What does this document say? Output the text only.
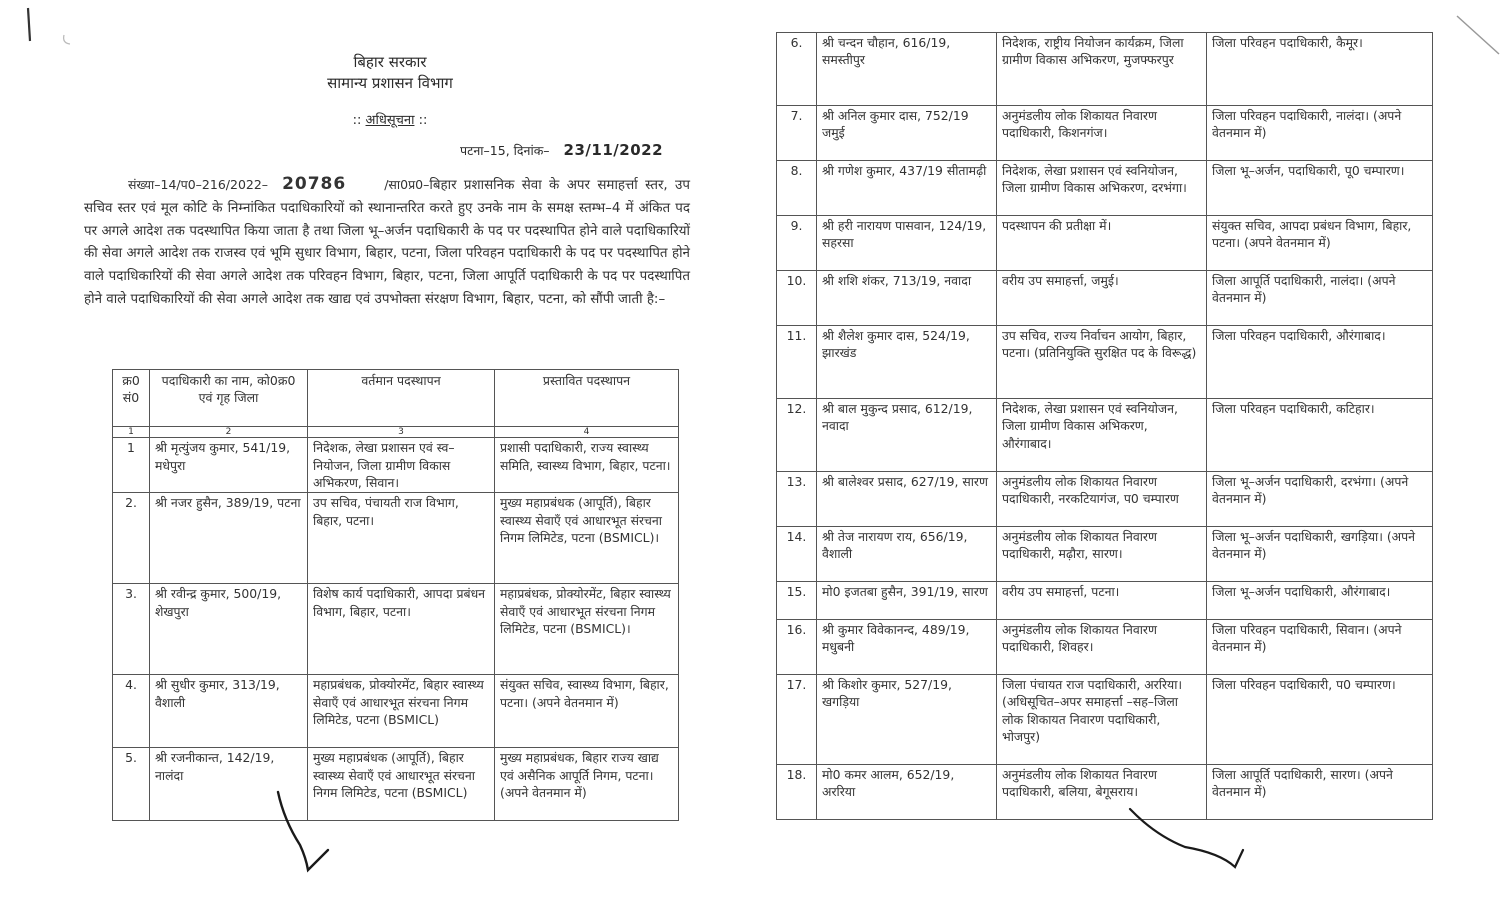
बिहार सरकार
सामान्य प्रशासन विभाग
:: अधिसूचना ::
पटना–15, दिनांक– 23/11/2022
संख्या–14/प0–216/2022– 20786	/सा0प्र0–बिहार प्रशासनिक सेवा के अपर समाहर्त्ता स्तर, उप सचिव स्तर एवं मूल कोटि के निम्नांकित पदाधिकारियों को स्थानान्तरित करते हुए उनके नाम के समक्ष स्तम्भ–4 में अंकित पद पर अगले आदेश तक पदस्थापित किया जाता है तथा जिला भू–अर्जन पदाधिकारी के पद पर पदस्थापित होने वाले पदाधिकारियों की सेवा अगले आदेश तक राजस्व एवं भूमि सुधार विभाग, बिहार, पटना, जिला परिवहन पदाधिकारी के पद पर पदस्थापित होने वाले पदाधिकारियों की सेवा अगले आदेश तक परिवहन विभाग, बिहार, पटना, जिला आपूर्ति पदाधिकारी के पद पर पदस्थापित होने वाले पदाधिकारियों की सेवा अगले आदेश तक खाद्य एवं उपभोक्ता संरक्षण विभाग, बिहार, पटना, को सौंपी जाती है:–
क्र0 सं0	पदाधिकारी का नाम, को0क्र0 एवं गृह जिला	वर्तमान पदस्थापन	प्रस्तावित पदस्थापन
1	2	3	4
1	श्री मृत्युंजय कुमार, 541/19, मधेपुरा	निदेशक, लेखा प्रशासन एवं स्व–नियोजन, जिला ग्रामीण विकास अभिकरण, सिवान।	प्रशासी पदाधिकारी, राज्य स्वास्थ्य समिति, स्वास्थ्य विभाग, बिहार, पटना।
2.	श्री नजर हुसैन, 389/19, पटना	उप सचिव, पंचायती राज विभाग, बिहार, पटना।	मुख्य महाप्रबंधक (आपूर्ति), बिहार स्वास्थ्य सेवाएँ एवं आधारभूत संरचना निगम लिमिटेड, पटना (BSMICL)।
3.	श्री रवीन्द्र कुमार, 500/19, शेखपुरा	विशेष कार्य पदाधिकारी, आपदा प्रबंधन विभाग, बिहार, पटना।	महाप्रबंधक, प्रोक्योरमेंट, बिहार स्वास्थ्य सेवाएँ एवं आधारभूत संरचना निगम लिमिटेड, पटना (BSMICL)।
4.	श्री सुधीर कुमार, 313/19, वैशाली	महाप्रबंधक, प्रोक्योरमेंट, बिहार स्वास्थ्य सेवाएँ एवं आधारभूत संरचना निगम लिमिटेड, पटना (BSMICL)	संयुक्त सचिव, स्वास्थ्य विभाग, बिहार, पटना। (अपने वेतनमान में)
5.	श्री रजनीकान्त, 142/19, नालंदा	मुख्य महाप्रबंधक (आपूर्ति), बिहार स्वास्थ्य सेवाएँ एवं आधारभूत संरचना निगम लिमिटेड, पटना (BSMICL)	मुख्य महाप्रबंधक, बिहार राज्य खाद्य एवं असैनिक आपूर्ति निगम, पटना। (अपने वेतनमान में)
6.	श्री चन्दन चौहान, 616/19, समस्तीपुर	निदेशक, राष्ट्रीय नियोजन कार्यक्रम, जिला ग्रामीण विकास अभिकरण, मुजफ्फरपुर	जिला परिवहन पदाधिकारी, कैमूर।
7.	श्री अनिल कुमार दास, 752/19 जमुई	अनुमंडलीय लोक शिकायत निवारण पदाधिकारी, किशनगंज।	जिला परिवहन पदाधिकारी, नालंदा। (अपने वेतनमान में)
8.	श्री गणेश कुमार, 437/19 सीतामढ़ी	निदेशक, लेखा प्रशासन एवं स्वनियोजन, जिला ग्रामीण विकास अभिकरण, दरभंगा।	जिला भू–अर्जन, पदाधिकारी, पू0 चम्पारण।
9.	श्री हरी नारायण पासवान, 124/19, सहरसा	पदस्थापन की प्रतीक्षा में।	संयुक्त सचिव, आपदा प्रबंधन विभाग, बिहार, पटना। (अपने वेतनमान में)
10.	श्री शशि शंकर, 713/19, नवादा	वरीय उप समाहर्त्ता, जमुई।	जिला आपूर्ति पदाधिकारी, नालंदा। (अपने वेतनमान में)
11.	श्री शैलेश कुमार दास, 524/19, झारखंड	उप सचिव, राज्य निर्वाचन आयोग, बिहार, पटना। (प्रतिनियुक्ति सुरक्षित पद के विरूद्ध)	जिला परिवहन पदाधिकारी, औरंगाबाद।
12.	श्री बाल मुकुन्द प्रसाद, 612/19, नवादा	निदेशक, लेखा प्रशासन एवं स्वनियोजन, जिला ग्रामीण विकास अभिकरण, औरंगाबाद।	जिला परिवहन पदाधिकारी, कटिहार।
13.	श्री बालेश्वर प्रसाद, 627/19, सारण	अनुमंडलीय लोक शिकायत निवारण पदाधिकारी, नरकटियागंज, प0 चम्पारण	जिला भू–अर्जन पदाधिकारी, दरभंगा। (अपने वेतनमान में)
14.	श्री तेज नारायण राय, 656/19, वैशाली	अनुमंडलीय लोक शिकायत निवारण पदाधिकारी, मढ़ौरा, सारण।	जिला भू–अर्जन पदाधिकारी, खगड़िया। (अपने वेतनमान में)
15.	मो0 इजतबा हुसैन, 391/19, सारण	वरीय उप समाहर्त्ता, पटना।	जिला भू–अर्जन पदाधिकारी, औरंगाबाद।
16.	श्री कुमार विवेकानन्द, 489/19, मधुबनी	अनुमंडलीय लोक शिकायत निवारण पदाधिकारी, शिवहर।	जिला परिवहन पदाधिकारी, सिवान। (अपने वेतनमान में)
17.	श्री किशोर कुमार, 527/19, खगड़िया	जिला पंचायत राज पदाधिकारी, अररिया। (अधिसूचित–अपर समाहर्त्ता –सह–जिला लोक शिकायत निवारण पदाधिकारी, भोजपुर)	जिला परिवहन पदाधिकारी, प0 चम्पारण।
18.	मो0 कमर आलम, 652/19, अररिया	अनुमंडलीय लोक शिकायत निवारण पदाधिकारी, बलिया, बेगूसराय।	जिला आपूर्ति पदाधिकारी, सारण। (अपने वेतनमान में)
